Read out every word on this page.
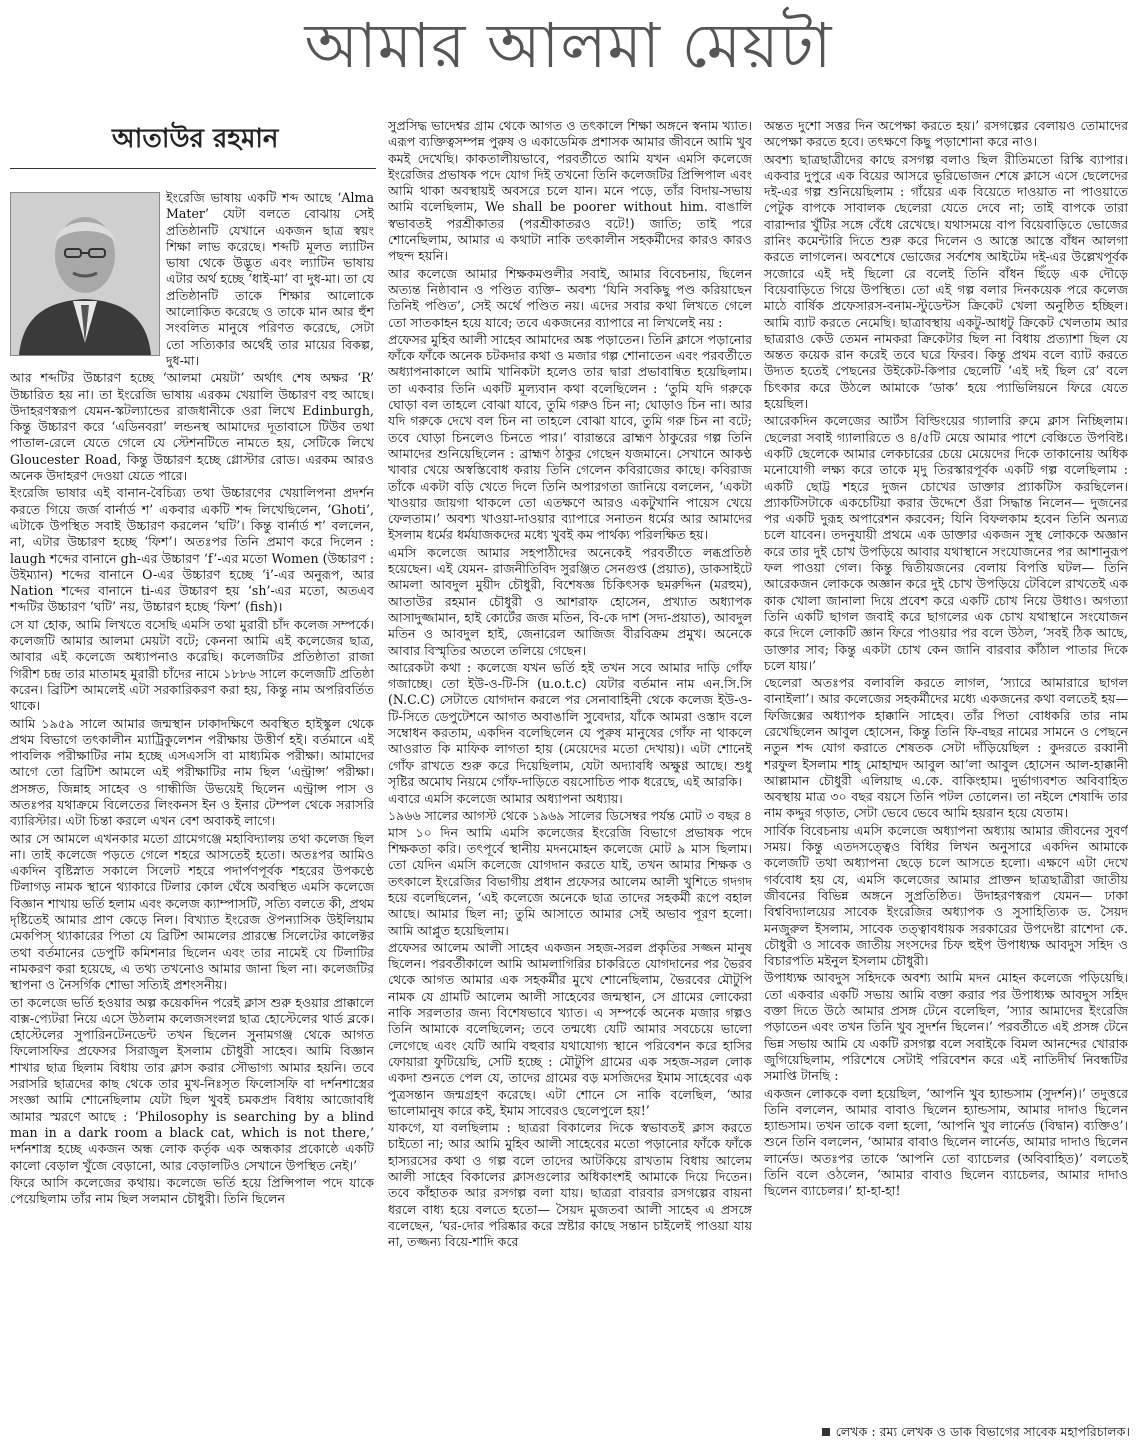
আমার আলমা মেয়টা
আতাউর রহমান

ইংরেজি ভাষায় একটি শব্দ আছে ‘Alma Mater’ যেটা বলতে বোঝায় সেই প্রতিষ্ঠানটি যেখানে একজন ছাত্র স্বয়ং শিক্ষা লাভ করেছে। শব্দটি মূলত ল্যাটিন ভাষা থেকে উদ্ভূত এবং ল্যাটিন ভাষায় এটার অর্থ হচ্ছে ‘ধাই-মা’ বা দুধ-মা। তা যে প্রতিষ্ঠানটি তাকে শিক্ষার আলোকে আলোকিত করেছে ও তাকে মান আর হুঁশ সংবলিত মানুষে পরিণত করেছে, সেটা তো সত্যিকার অর্থেই তার মায়ের বিকল্প, দুধ-মা।

আর শব্দটির উচ্চারণ হচ্ছে ‘আলমা মেয়টা’ অর্থাৎ শেষ অক্ষর ‘R’ উচ্চারিত হয় না। তা ইংরেজি ভাষায় এরকম খেয়ালি উচ্চারণ বহু আছে। উদাহরণস্বরূপ যেমন-স্কটল্যান্ডের রাজধানীকে ওরা লিখে Edinburgh, কিন্তু উচ্চারণ করে ‘এডিনবরা’ লন্ডনস্থ আমাদের দূতাবাসে টিউব তথা পাতাল-রেলে যেতে গেলে যে স্টেশনটিতে নামতে হয়, সেটিকে লিখে Gloucester Road, কিন্তু উচ্চারণ হচ্ছে গ্লোস্টার রোড। এরকম আরও অনেক উদাহরণ দেওয়া যেতে পারে।

ইংরেজি ভাষার এই বানান-বৈচিত্র্য তথা উচ্চারণের খেয়ালিপনা প্রদর্শন করতে গিয়ে জর্জ বার্নার্ড শ’ একবার একটি শব্দ লিখেছিলেন, ‘Ghoti’, এটাকে উপস্থিত সবাই উচ্চারণ করলেন ‘ঘটি’। কিন্তু বার্নার্ড শ’ বললেন, না, এটার উচ্চারণ হচ্ছে ‘ফিশ’। অতঃপর তিনি প্রমাণ করে দিলেন : laugh শব্দের বানানে gh-এর উচ্চারণ ‘f’-এর মতো Women (উচ্চারণ : উইম্যান) শব্দের বানানে O-এর উচ্চারণ হচ্ছে ‘i’-এর অনুরূপ, আর Nation শব্দের বানানে ti-এর উচ্চারণ হয় ‘sh’-এর মতো, অতএব শব্দটির উচ্চারণ ‘ঘটি’ নয়, উচ্চারণ হচ্ছে ‘ফিশ’ (fish)।

সে যা হোক, আমি লিখতে বসেছি এমসি তথা মুরারী চাঁদ কলেজ সম্পর্কে। কলেজটি আমার আলমা মেয়টা বটে; কেননা আমি এই কলেজের ছাত্র, আবার এই কলেজে অধ্যাপনাও করেছি। কলেজটির প্রতিষ্ঠাতা রাজা গিরীশ চন্দ্র তার মাতামহ মুরারী চাঁদের নামে ১৮৮৬ সালে কলেজটি প্রতিষ্ঠা করেন। ব্রিটিশ আমলেই এটা সরকারিকরণ করা হয়, কিন্তু নাম অপরিবর্তিত থাকে।

আমি ১৯৫৯ সালে আমার জন্মস্থান ঢাকাদক্ষিণে অবস্থিত হাইস্কুল থেকে প্রথম বিভাগে তৎকালীন ম্যাট্রিকুলেশন পরীক্ষায় উত্তীর্ণ হই। বর্তমানে এই পাবলিক পরীক্ষাটির নাম হচ্ছে এসএসসি বা মাধ্যমিক পরীক্ষা। আমাদের আগে তো ব্রিটিশ আমলে এই পরীক্ষাটির নাম ছিল ‘এন্ট্রান্স’ পরীক্ষা। প্রসঙ্গত, জিন্নাহ সাহেব ও গান্ধীজি উভয়েই ছিলেন এন্ট্রান্স পাস ও অতঃপর যথাক্রমে বিলেতের লিংকনস ইন ও ইনার টেম্পল থেকে সরাসরি ব্যারিস্টার। এটা চিন্তা করলে এখন বেশ অবাকই লাগে।

আর সে আমলে এখনকার মতো গ্রামেগঞ্জে মহাবিদ্যালয় তথা কলেজ ছিল না। তাই কলেজে পড়তে গেলে শহরে আসতেই হতো। অতঃপর আমিও একদিন বৃষ্টিস্নাত সকালে সিলেট শহরে পদার্পণপূর্বক শহরের উপকণ্ঠে টিলাগড় নামক স্থানে থ্যাকারে টিলার কোল ঘেঁষে অবস্থিত এমসি কলেজে বিজ্ঞান শাখায় ভর্তি হলাম এবং কলেজ ক্যাম্পাসটি, সত্যি বলতে কী, প্রথম দৃষ্টিতেই আমার প্রাণ কেড়ে নিল। বিখ্যাত ইংরেজ ঔপন্যাসিক উইলিয়াম মেকপিস্ থ্যাকারের পিতা যে ব্রিটিশ আমলের প্রারম্ভে সিলেটের কালেক্টর তথা বর্তমানের ডেপুটি কমিশনার ছিলেন এবং তার নামেই যে টিলাটির নামকরণ করা হয়েছে, এ তথ্য তখনোও আমার জানা ছিল না। কলেজটির স্থাপনা ও নৈসর্গিক শোভা সত্যিই প্রশংসনীয়।

তা কলেজে ভর্তি হওয়ার অল্প কয়েকদিন পরেই ক্লাস শুরু হওয়ার প্রাক্কালে বাক্স-প্যেটরা নিয়ে এসে উঠলাম কলেজসংলগ্ন ছাত্র হোস্টেলের থার্ড ব্লকে। হোস্টেলের সুপারিনটেনডেন্ট তখন ছিলেন সুনামগঞ্জ থেকে আগত ফিলোসফির প্রফেসর সিরাজুল ইসলাম চৌধুরী সাহেব। আমি বিজ্ঞান শাখার ছাত্র ছিলাম বিধায় তার ক্লাস করার সৌভাগ্য আমার হয়নি। তবে সরাসরি ছাত্রদের কাছ থেকে তার মুখ-নিঃসৃত ফিলোসফি বা দর্শনশাস্ত্রের সংজ্ঞা আমি শোনেছিলাম যেটা ছিল খুবই চমকপ্রদ বিধায় আজোবধি আমার স্মরণে আছে : ‘Philosophy is searching by a blind man in a dark room a black cat, which is not there,’ দর্শনশাস্ত্র হচ্ছে একজন অন্ধ লোক কর্তৃক এক অন্ধকার প্রকোষ্ঠে একটি কালো বেড়াল খুঁজে বেড়ানো, আর বেড়ালটিও সেখানে উপস্থিত নেই।’

ফিরে আসি কলেজের কথায়। কলেজে ভর্তি হয়ে প্রিন্সিপাল পদে যাকে পেয়েছিলাম তাঁর নাম ছিল সলমান চৌধুরী। তিনি ছিলেন

সুপ্রসিদ্ধ ভাদেশ্বর গ্রাম থেকে আগত ও তৎকালে শিক্ষা অঙ্গনে স্বনাম খ্যাত। এরূপ ব্যক্তিত্বসম্পন্ন পুরুষ ও একাডেমিক প্রশাসক আমার জীবনে আমি খুব কমই দেখেছি। কাকতালীয়ভাবে, পরবর্তীতে আমি যখন এমসি কলেজে ইংরেজির প্রভাষক পদে যোগ দিই তখনো তিনি কলেজটির প্রিন্সিপাল এবং আমি থাকা অবস্থায়ই অবসরে চলে যান। মনে পড়ে, তাঁর বিদায়-সভায় আমি বলেছিলাম, We shall be poorer without him. বাঙালি স্বভাবতই পরশ্রীকাতর (পরশ্রীকাতরও বটে!) জাতি; তাই পরে শোনেছিলাম, আমার এ কথাটা নাকি তৎকালীন সহকর্মীদের কারও কারও পছন্দ হয়নি।

আর কলেজে আমার শিক্ষকমণ্ডলীর সবাই, আমার বিবেচনায়, ছিলেন অত্যন্ত নিষ্ঠাবান ও পণ্ডিত ব্যক্তি– অবশ্য ‘যিনি সবকিছু পণ্ড করিয়াছেন তিনিই পণ্ডিত’, সেই অর্থে পণ্ডিত নয়। এদের সবার কথা লিখতে গেলে তো সাতকাহন হয়ে যাবে; তবে একজনের ব্যাপারে না লিখলেই নয় :

প্রফেসর মুহিব আলী সাহেব আমাদের অঙ্ক পড়াতেন। তিনি ক্লাসে পড়ানোর ফাঁকে ফাঁকে অনেক চটকদার কথা ও মজার গল্প শোনাতেন এবং পরবর্তীতে অধ্যাপনাকালে আমি খানিকটা হলেও তার দ্বারা প্রভাবান্বিত হয়েছিলাম। তা একবার তিনি একটি মূল্যবান কথা বলেছিলেন : ‘তুমি যদি গরুকে ঘোড়া বল তাহলে বোঝা যাবে, তুমি গরুও চিন না; ঘোড়াও চিন না। আর যদি গরুকে দেখে বল চিন না তাহলে বোঝা যাবে, তুমি গরু চিন না বটে; তবে ঘোড়া চিনলেও চিনতে পার।’ বারান্তরে ব্রাহ্মণ ঠাকুরের গল্প তিনি আমাদের শুনিয়েছিলেন : ব্রাহ্মণ ঠাকুর গেছেন যজমানে। সেখানে আকণ্ঠ খাবার খেয়ে অস্বস্তিবোধ করায় তিনি গেলেন কবিরাজের কাছে। কবিরাজ তাঁকে একটা বড়ি খেতে দিলে তিনি অপারগতা জানিয়ে বললেন, ‘একটা খাওয়ার জায়গা থাকলে তো এতক্ষণে আরও একটুখানি পায়েস খেয়ে ফেলতাম।’ অবশ্য খাওয়া-দাওয়ার ব্যাপারে সনাতন ধর্মের আর আমাদের ইসলাম ধর্মের ধর্মযাজকদের মধ্যে খুবই কম পার্থক্য পরিলক্ষিত হয়।

এমসি কলেজে আমার সহপাঠীদের অনেকেই পরবর্তীতে লব্ধপ্রতিষ্ঠ হয়েছেন। এই যেমন- রাজনীতিবিদ সুরঞ্জিত সেনগুপ্ত (প্রয়াত), ডাকসাইটে আমলা আবদুল মুয়ীদ চৌধুরী, বিশেষজ্ঞ চিকিৎসক ছমরুদ্দিন (মরহুম), আতাউর রহমান চৌধুরী ও আশরাফ হোসেন, প্রখ্যাত অধ্যাপক আসাদুজ্জামান, হাই কোর্টের জজ মতিন, বি-কে দাশ (সদ্য-প্রয়াত), আবদুল মতিন ও আবদুল হাই, জেনারেল আজিজ বীরবিক্রম প্রমুখ। অনেকে আবার বিস্মৃতির অতলে তলিয়ে গেছেন।

আরেকটা কথা : কলেজে যখন ভর্তি হই তখন সবে আমার দাড়ি গোঁফ গজাচ্ছে। তো ইউ-ও-টি-সি (u.o.t.c) যেটার বর্তমান নাম এন.সি.সি (N.C.C) সেটাতে যোগদান করলে পর সেনাবাহিনী থেকে কলেজ ইউ-ও-টি-সিতে ডেপুটেশনে আগত অবাঙালি সুবেদার, যাঁকে আমরা ওস্তাদ বলে সম্বোধন করতাম, একদিন বলেছিলেন যে পুরুষ মানুষের গোঁফ না থাকলে আওরাত কি মাফিক লাগতা হায় (মেয়েদের মতো দেখায়)। এটা শোনেই গোঁফ রাখতে শুরু করে দিয়েছিলাম, যেটা অদ্যাবধি অক্ষুণ্ণ আছে। শুধু সৃষ্টির অমোঘ নিয়মে গোঁফ-দাড়িতে বয়সোচিত পাক ধরেছে, এই আরকি।

এবারে এমসি কলেজে আমার অধ্যাপনা অধ্যায়।

১৯৬৬ সালের আগস্ট থেকে ১৯৬৯ সালের ডিসেম্বর পর্যন্ত মোট ৩ বছর ৪ মাস ১০ দিন আমি এমসি কলেজের ইংরেজি বিভাগে প্রভাষক পদে শিক্ষকতা করি। তৎপূর্বে স্থানীয় মদনমোহন কলেজে মোট ৯ মাস ছিলাম। তো যেদিন এমসি কলেজে যোগদান করতে যাই, তখন আমার শিক্ষক ও তৎকালে ইংরেজির বিভাগীয় প্রধান প্রফেসর আলেম আলী খুশিতে গদগদ হয়ে বলেছিলেন, ‘এই কলেজে অনেকে ছাত্র তাদের সহকর্মী রূপে বহাল আছে। আমার ছিল না; তুমি আসাতে আমার সেই অভাব পূরণ হলো। আমি আপ্লুত হয়েছিলাম।

প্রফেসর আলেম আলী সাহেব একজন সহজ-সরল প্রকৃতির সজ্জন মানুষ ছিলেন। পরবর্তীকালে আমি আমলাগিরির চাকরিতে যোগদানের পর ভৈরব থেকে আগত আমার এক সহকর্মীর মুখে শোনেছিলাম, ভৈরবের মৌটুপি নামক যে গ্রামটি আলেম আলী সাহেবের জন্মস্থান, সে গ্রামের লোকেরা নাকি সরলতার জন্য বিশেষভাবে খ্যাত। এ সম্পর্কে অনেক মজার গল্পও তিনি আমাকে বলেছিলেন; তবে তন্মধ্যে যেটি আমার সবচেয়ে ভালো লেগেছে এবং যেটি আমি বহুবার যথাযোগ্য স্থানে পরিবেশন করে হাসির ফোয়ারা ফুটিয়েছি, সেটি হচ্ছে : মৌটুপি গ্রামের এক সহজ-সরল লোক একদা শুনতে পেল যে, তাদের গ্রামের বড় মসজিদের ইমাম সাহেবের এক পুত্রসন্তান জন্মগ্রহণ করেছে। এটা শোনে সে নাকি বলেছিল, ‘আর ভালোমানুষ কারে কই, ইমাম সাবেরও ছেলেপুলে হয়!’

যাকগে, যা বলছিলাম : ছাত্ররা বিকালের দিকে স্বভাবতই ক্লাস করতে চাইতো না; আর আমি মুহিব আলী সাহেবের মতো পড়ানোর ফাঁকে ফাঁকে হাস্যরসের কথা ও গল্প বলে তাদের আটকিয়ে রাখতাম বিধায় আলেম আলী সাহেব বিকালের ক্লাসগুলোর অধিকাংশই আমাকে দিয়ে দিতেন। তবে কাঁহাতক আর রসগল্প বলা যায়। ছাত্ররা বারবার রসগল্পের বায়না ধরলে বাধ্য হয়ে বলতে হতো— সৈয়দ মুজতবা আলী সাহেব এ প্রসঙ্গে বলেছেন, ‘ঘর-দোর পরিষ্কার করে স্রষ্টার কাছে সন্তান চাইলেই পাওয়া যায় না, তজ্জন্য বিয়ে-শাদি করে

অন্তত দুশো সত্তর দিন অপেক্ষা করতে হয়।’ রসগল্পের বেলায়ও তোমাদের অপেক্ষা করতে হবে। তৎক্ষণে কিছু পড়াশোনা করে নাও।

অবশ্য ছাত্রছাত্রীদের কাছে রসগল্প বলাও ছিল রীতিমতো রিস্কি ব্যাপার। একবার দুপুরে এক বিয়ের আসরে ভূরিভোজন শেষে ক্লাসে এসে ছেলেদের দই-এর গল্প শুনিয়েছিলাম : গাঁয়ের এক বিয়েতে দাওয়াত না পাওয়াতে পেটুক বাপকে সাবালক ছেলেরা যেতে দেবে না; তাই বাপকে তারা বারান্দার খুঁটির সঙ্গে বেঁধে রেখেছে। যথাসময়ে বাপ বিয়েবাড়িতে ভোজের রানিং কমেন্টারি দিতে শুরু করে দিলেন ও আস্তে আস্তে বাঁধন আলগা করতে লাগলেন। অবশেষে ভোজের সর্বশেষ আইটেম দই-এর উল্লেখপূর্বক সজোরে এই দই ছিলো রে বলেই তিনি বাঁধন ছিঁড়ে এক দৌড়ে বিয়েবাড়িতে গিয়ে উপস্থিত। তো এই গল্প বলার দিনকয়েক পরে কলেজ মাঠে বার্ষিক প্রফেসারস-বনাম-স্টুডেন্টস ক্রিকেট খেলা অনুষ্ঠিত হচ্ছিল। আমি ব্যাট করতে নেমেছি। ছাত্রাবস্থায় একটু-আধটু ক্রিকেট খেলতাম আর ছাত্ররাও কেউ তেমন নামকরা ক্রিকেটার ছিল না বিধায় প্রত্যাশা ছিল যে অন্তত কয়েক রান করেই তবে ঘরে ফিরব। কিন্তু প্রথম বলে ব্যাট করতে উদ্যত হতেই পেছনের উইকেট-কিপার ছেলেটি ‘এই দই ছিল রে’ বলে চিৎকার করে উঠলে আমাকে ‘ডাক’ হয়ে প্যাভিলিয়নে ফিরে যেতে হয়েছিল।

আরেকদিন কলেজের আর্টস বিল্ডিংয়ের গ্যালারি রুমে ক্লাস নিচ্ছিলাম। ছেলেরা সবাই গ্যালারিতে ও ৪/৫টি মেয়ে আমার পাশে বেঞ্চিতে উপবিষ্ট। একটি ছেলেকে আমার লেকচারের চেয়ে মেয়েদের দিকে তাকানোয় অধিক মনোযোগী লক্ষ্য করে তাকে মৃদু তিরস্কারপূর্বক একটি গল্প বলেছিলাম : একটি ছোট্ট শহরে দুজন চোখের ডাক্তার প্র্যাকটিস করছিলেন। প্র্যাকটিসটাকে একচেটিয়া করার উদ্দেশে ওঁরা সিদ্ধান্ত নিলেন— দুজনের পর একটি দুরূহ অপারেশন করবেন; যিনি বিফলকাম হবেন তিনি অন্যত্র চলে যাবেন। তদনুযায়ী প্রথমে এক ডাক্তার একজন সুস্থ লোককে অজ্ঞান করে তার দুই চোখ উপড়িয়ে আবার যথাস্থানে সংযোজনের পর আশানুরূপ ফল পাওয়া গেল। কিন্তু দ্বিতীয়জনের বেলায় বিপত্তি ঘটল— তিনি আরেকজন লোককে অজ্ঞান করে দুই চোখ উপড়িয়ে টেবিলে রাখতেই এক কাক খোলা জানালা দিয়ে প্রবেশ করে একটি চোখ নিয়ে উধাও। অগত্যা তিনি একটি ছাগল জবাই করে ছাগলের এক চোখ যথাস্থানে সংযোজন করে দিলে লোকটি জ্ঞান ফিরে পাওয়ার পর বলে উঠল, ‘সবই ঠিক আছে, ডাক্তার সাব; কিন্তু একটা চোখ কেন জানি বারবার কাঁঠাল পাতার দিকে চলে যায়।’

ছেলেরা অতঃপর বলাবলি করতে লাগল, ‘স্যারে আমারারে ছাগল বানাইলা’। আর কলেজের সহকর্মীদের মধ্যে একজনের কথা বলতেই হয়— ফিজিক্সের অধ্যাপক হাক্কানি সাহেব। তাঁর পিতা বোধকরি তার নাম রেখেছিলেন আবুল হোসেন, কিন্তু তিনি ফি-বছর নামের সামনে ও পেছনে নতুন শব্দ যোগ করাতে শেষতক সেটা দাঁড়িয়েছিল : কুদরতে রব্বানী শরফুল ইসলাম শাহ্ মোহাম্মদ আবুল আ’লা আবুল হোসেন আল-হাক্কানী আল্লামান চৌধুরী এলিয়াছ এ.কে. বাকিংহাম। দুর্ভাগ্যবশত অবিবাহিত অবস্থায় মাত্র ৩০ বছর বয়সে তিনি পটল তোলেন। তা নইলে শেষাব্দি তার নাম কদ্দুর গড়াত, সেটা ভেবে ভেবে আমি হয়রান হয়ে যেতাম।

সার্বিক বিবেচনায় এমসি কলেজে অধ্যাপনা অধ্যায় আমার জীবনের সুবর্ণ সময়। কিন্তু এতদসত্ত্বেও বিধির লিখন অনুসারে একদিন আমাকে কলেজটি তথা অধ্যাপনা ছেড়ে চলে আসতে হলো। এক্ষণে এটা দেখে গর্ববোধ হয় যে, এমসি কলেজের আমার প্রাক্তন ছাত্রছাত্রীরা জাতীয় জীবনের বিভিন্ন অঙ্গনে সুপ্রতিষ্ঠিত। উদাহরণস্বরূপ যেমন— ঢাকা বিশ্ববিদ্যালয়ের সাবেক ইংরেজির অধ্যাপক ও সুসাহিত্যিক ড. সৈয়দ মনজুরুল ইসলাম, সাবেক তত্ত্বাবধায়ক সরকারের উপদেষ্টা রাশেদা কে. চৌধুরী ও সাবেক জাতীয় সংসদের চিফ হুইপ উপাধ্যক্ষ আবদুস সহিদ ও বিচারপতি মইনুল ইসলাম চৌধুরী।

উপাধ্যক্ষ আবদুস সহিদকে অবশ্য আমি মদন মোহন কলেজে পড়িয়েছি। তো একবার একটি সভায় আমি বক্তা করার পর উপাধ্যক্ষ আবদুস সহিদ বক্তা দিতে উঠে আমার প্রসঙ্গ টেনে বলেছিল, ‘স্যার আমাদের ইংরেজি পড়াতেন এবং তখন তিনি খুব সুদর্শন ছিলেন।’ পরবর্তীতে এই প্রসঙ্গ টেনে ভিন্ন সভায় আমি যে একটি রসগল্প বলে সবাইকে বিমল আনন্দের খোরাক জুগিয়েছিলাম, পরিশেষে সেটাই পরিবেশন করে এই নাতিদীর্ঘ নিবন্ধটির সমাপ্তি টানছি :

একজন লোককে বলা হয়েছিল, ‘আপনি খুব হ্যান্ডসাম (সুদর্শন)।’ তদুত্তরে তিনি বললেন, আমার বাবাও ছিলেন হ্যান্ডসাম, আমার দাদাও ছিলেন হ্যান্ডসাম। তখন তাকে বলা হলো, ‘আপনি খুব লার্নেড (বিদ্বান) ব্যক্তিও’। শুনে তিনি বললেন, ‘আমার বাবাও ছিলেন লার্নেড, আমার দাদাও ছিলেন লার্নেড। অতঃপর তাকে ‘আপনি তো ব্যাচেলর (অবিবাহিত)’ বলতেই তিনি বলে ওঠলেন, ‘আমার বাবাও ছিলেন ব্যাচেলর, আমার দাদাও ছিলেন ব্যাচেলর।’ হা-হা-হা!

লেখক : রম্য লেখক ও ডাক বিভাগের সাবেক মহাপরিচালক।
